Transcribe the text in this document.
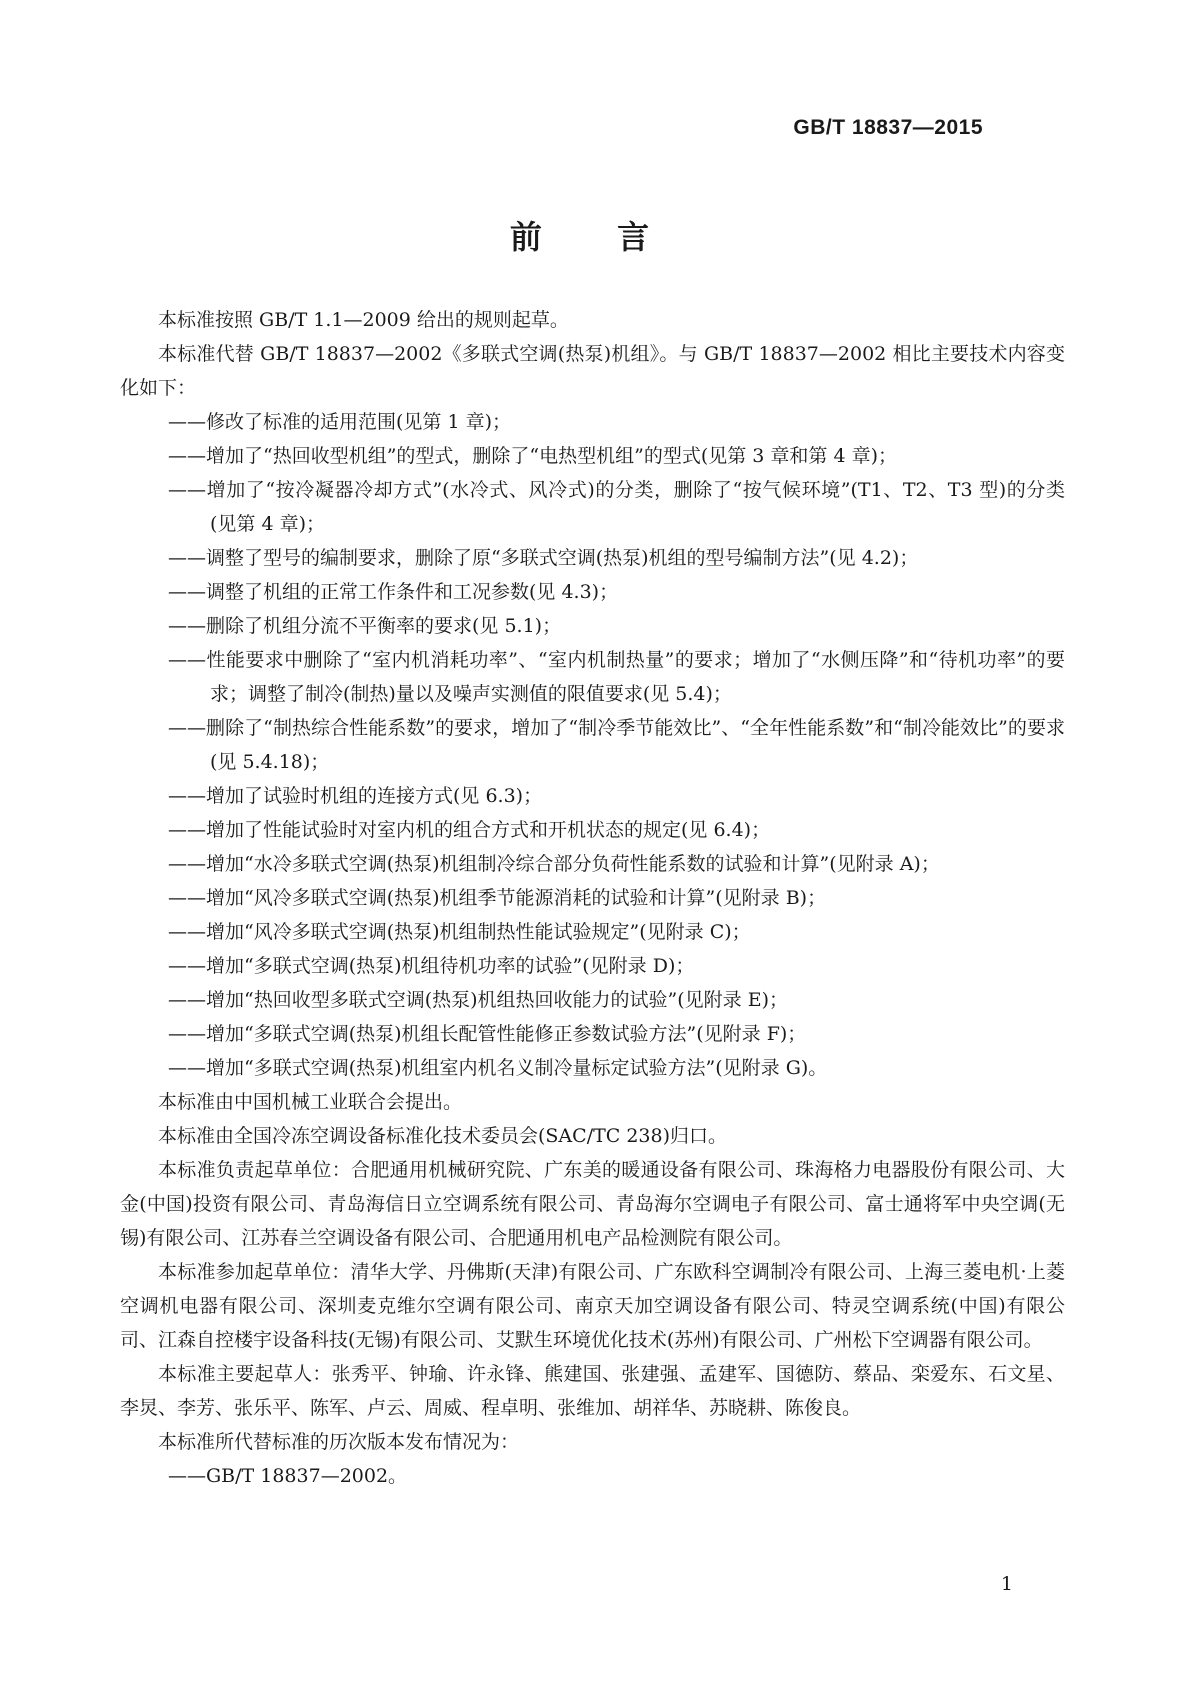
GB/T 18837—2015
前 言

本标准按照 GB/T 1.1—2009 给出的规则起草。

本标准代替 GB/T 18837—2002《多联式空调(热泵)机组》。与 GB/T 18837—2002 相比主要技术内容变化如下：

——修改了标准的适用范围(见第 1 章)；

——增加了“热回收型机组”的型式，删除了“电热型机组”的型式(见第 3 章和第 4 章)；

——增加了“按冷凝器冷却方式”(水冷式、风冷式)的分类，删除了“按气候环境”(T1、T2、T3 型)的分类(见第 4 章)；

——调整了型号的编制要求，删除了原“多联式空调(热泵)机组的型号编制方法”(见 4.2)；

——调整了机组的正常工作条件和工况参数(见 4.3)；

——删除了机组分流不平衡率的要求(见 5.1)；

——性能要求中删除了“室内机消耗功率”、“室内机制热量”的要求；增加了“水侧压降”和“待机功率”的要求；调整了制冷(制热)量以及噪声实测值的限值要求(见 5.4)；

——删除了“制热综合性能系数”的要求，增加了“制冷季节能效比”、“全年性能系数”和“制冷能效比”的要求(见 5.4.18)；

——增加了试验时机组的连接方式(见 6.3)；

——增加了性能试验时对室内机的组合方式和开机状态的规定(见 6.4)；

——增加“水冷多联式空调(热泵)机组制冷综合部分负荷性能系数的试验和计算”(见附录 A)；

——增加“风冷多联式空调(热泵)机组季节能源消耗的试验和计算”(见附录 B)；

——增加“风冷多联式空调(热泵)机组制热性能试验规定”(见附录 C)；

——增加“多联式空调(热泵)机组待机功率的试验”(见附录 D)；

——增加“热回收型多联式空调(热泵)机组热回收能力的试验”(见附录 E)；

——增加“多联式空调(热泵)机组长配管性能修正参数试验方法”(见附录 F)；

——增加“多联式空调(热泵)机组室内机名义制冷量标定试验方法”(见附录 G)。

本标准由中国机械工业联合会提出。

本标准由全国冷冻空调设备标准化技术委员会(SAC/TC 238)归口。

本标准负责起草单位：合肥通用机械研究院、广东美的暖通设备有限公司、珠海格力电器股份有限公司、大金(中国)投资有限公司、青岛海信日立空调系统有限公司、青岛海尔空调电子有限公司、富士通将军中央空调(无锡)有限公司、江苏春兰空调设备有限公司、合肥通用机电产品检测院有限公司。

本标准参加起草单位：清华大学、丹佛斯(天津)有限公司、广东欧科空调制冷有限公司、上海三菱电机·上菱空调机电器有限公司、深圳麦克维尔空调有限公司、南京天加空调设备有限公司、特灵空调系统(中国)有限公司、江森自控楼宇设备科技(无锡)有限公司、艾默生环境优化技术(苏州)有限公司、广州松下空调器有限公司。

本标准主要起草人：张秀平、钟瑜、许永锋、熊建国、张建强、孟建军、国德防、蔡品、栾爱东、石文星、李炅、李芳、张乐平、陈军、卢云、周威、程卓明、张维加、胡祥华、苏晓耕、陈俊良。

本标准所代替标准的历次版本发布情况为：

——GB/T 18837—2002。

1
